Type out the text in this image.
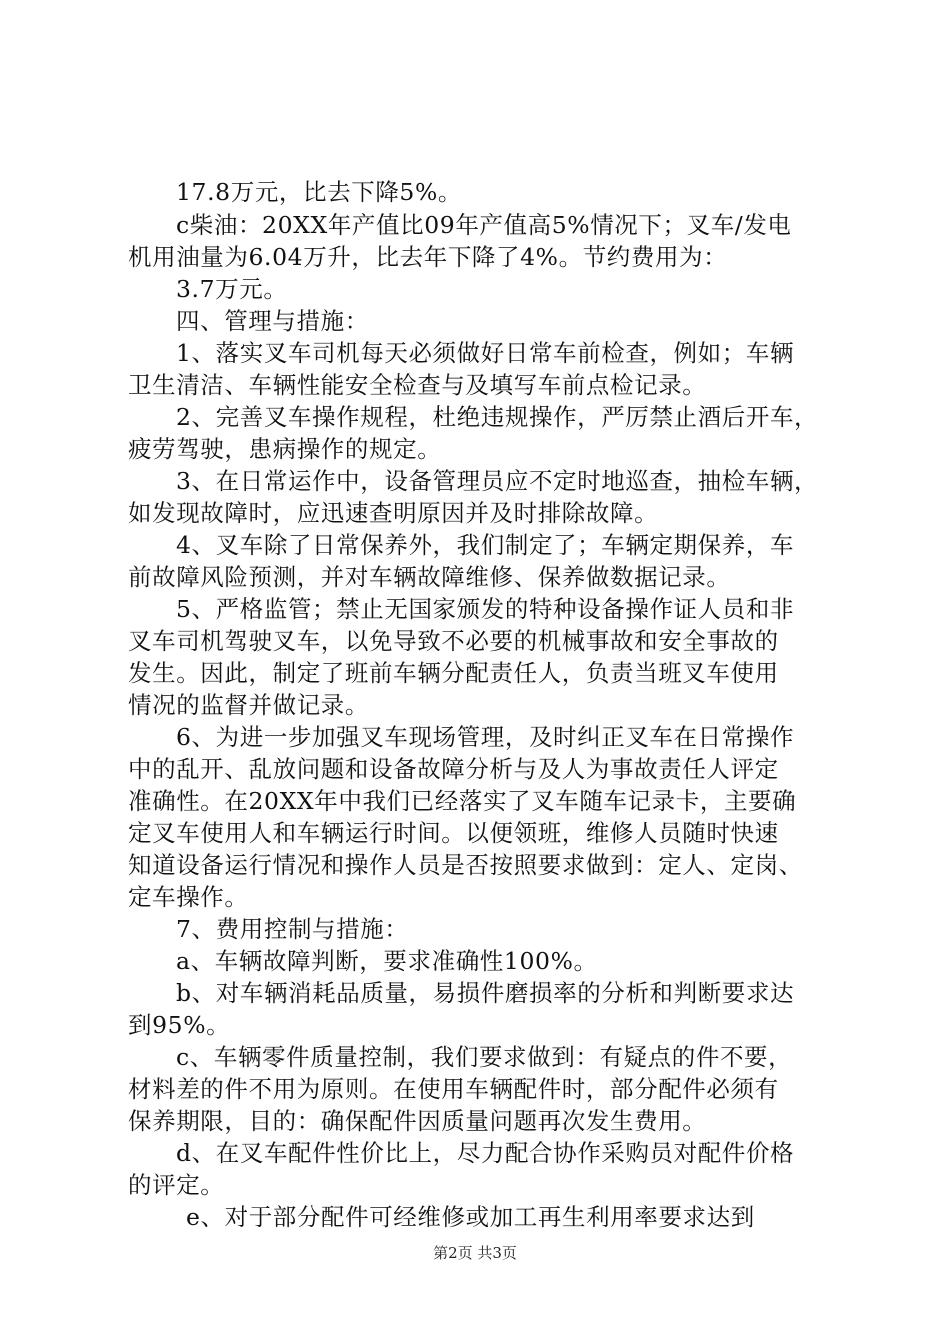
17.8万元，比去下降5%。
c柴油：20XX年产值比09年产值高5%情况下；叉车/发电
机用油量为6.04万升，比去年下降了4%。节约费用为：
3.7万元。
四、管理与措施：
1、落实叉车司机每天必须做好日常车前检查，例如；车辆
卫生清洁、车辆性能安全检查与及填写车前点检记录。
2、完善叉车操作规程，杜绝违规操作，严厉禁止酒后开车，
疲劳驾驶，患病操作的规定。
3、在日常运作中，设备管理员应不定时地巡查，抽检车辆，
如发现故障时，应迅速查明原因并及时排除故障。
4、叉车除了日常保养外，我们制定了；车辆定期保养，车
前故障风险预测，并对车辆故障维修、保养做数据记录。
5、严格监管；禁止无国家颁发的特种设备操作证人员和非
叉车司机驾驶叉车，以免导致不必要的机械事故和安全事故的
发生。因此，制定了班前车辆分配责任人，负责当班叉车使用
情况的监督并做记录。
6、为进一步加强叉车现场管理，及时纠正叉车在日常操作
中的乱开、乱放问题和设备故障分析与及人为事故责任人评定
准确性。在20XX年中我们已经落实了叉车随车记录卡，主要确
定叉车使用人和车辆运行时间。以便领班，维修人员随时快速
知道设备运行情况和操作人员是否按照要求做到：定人、定岗、
定车操作。
7、费用控制与措施：
a、车辆故障判断，要求准确性100%。
b、对车辆消耗品质量，易损件磨损率的分析和判断要求达
到95%。
c、车辆零件质量控制，我们要求做到：有疑点的件不要，
材料差的件不用为原则。在使用车辆配件时，部分配件必须有
保养期限，目的：确保配件因质量问题再次发生费用。
d、在叉车配件性价比上，尽力配合协作采购员对配件价格
的评定。
e、对于部分配件可经维修或加工再生利用率要求达到
第2页 共3页
